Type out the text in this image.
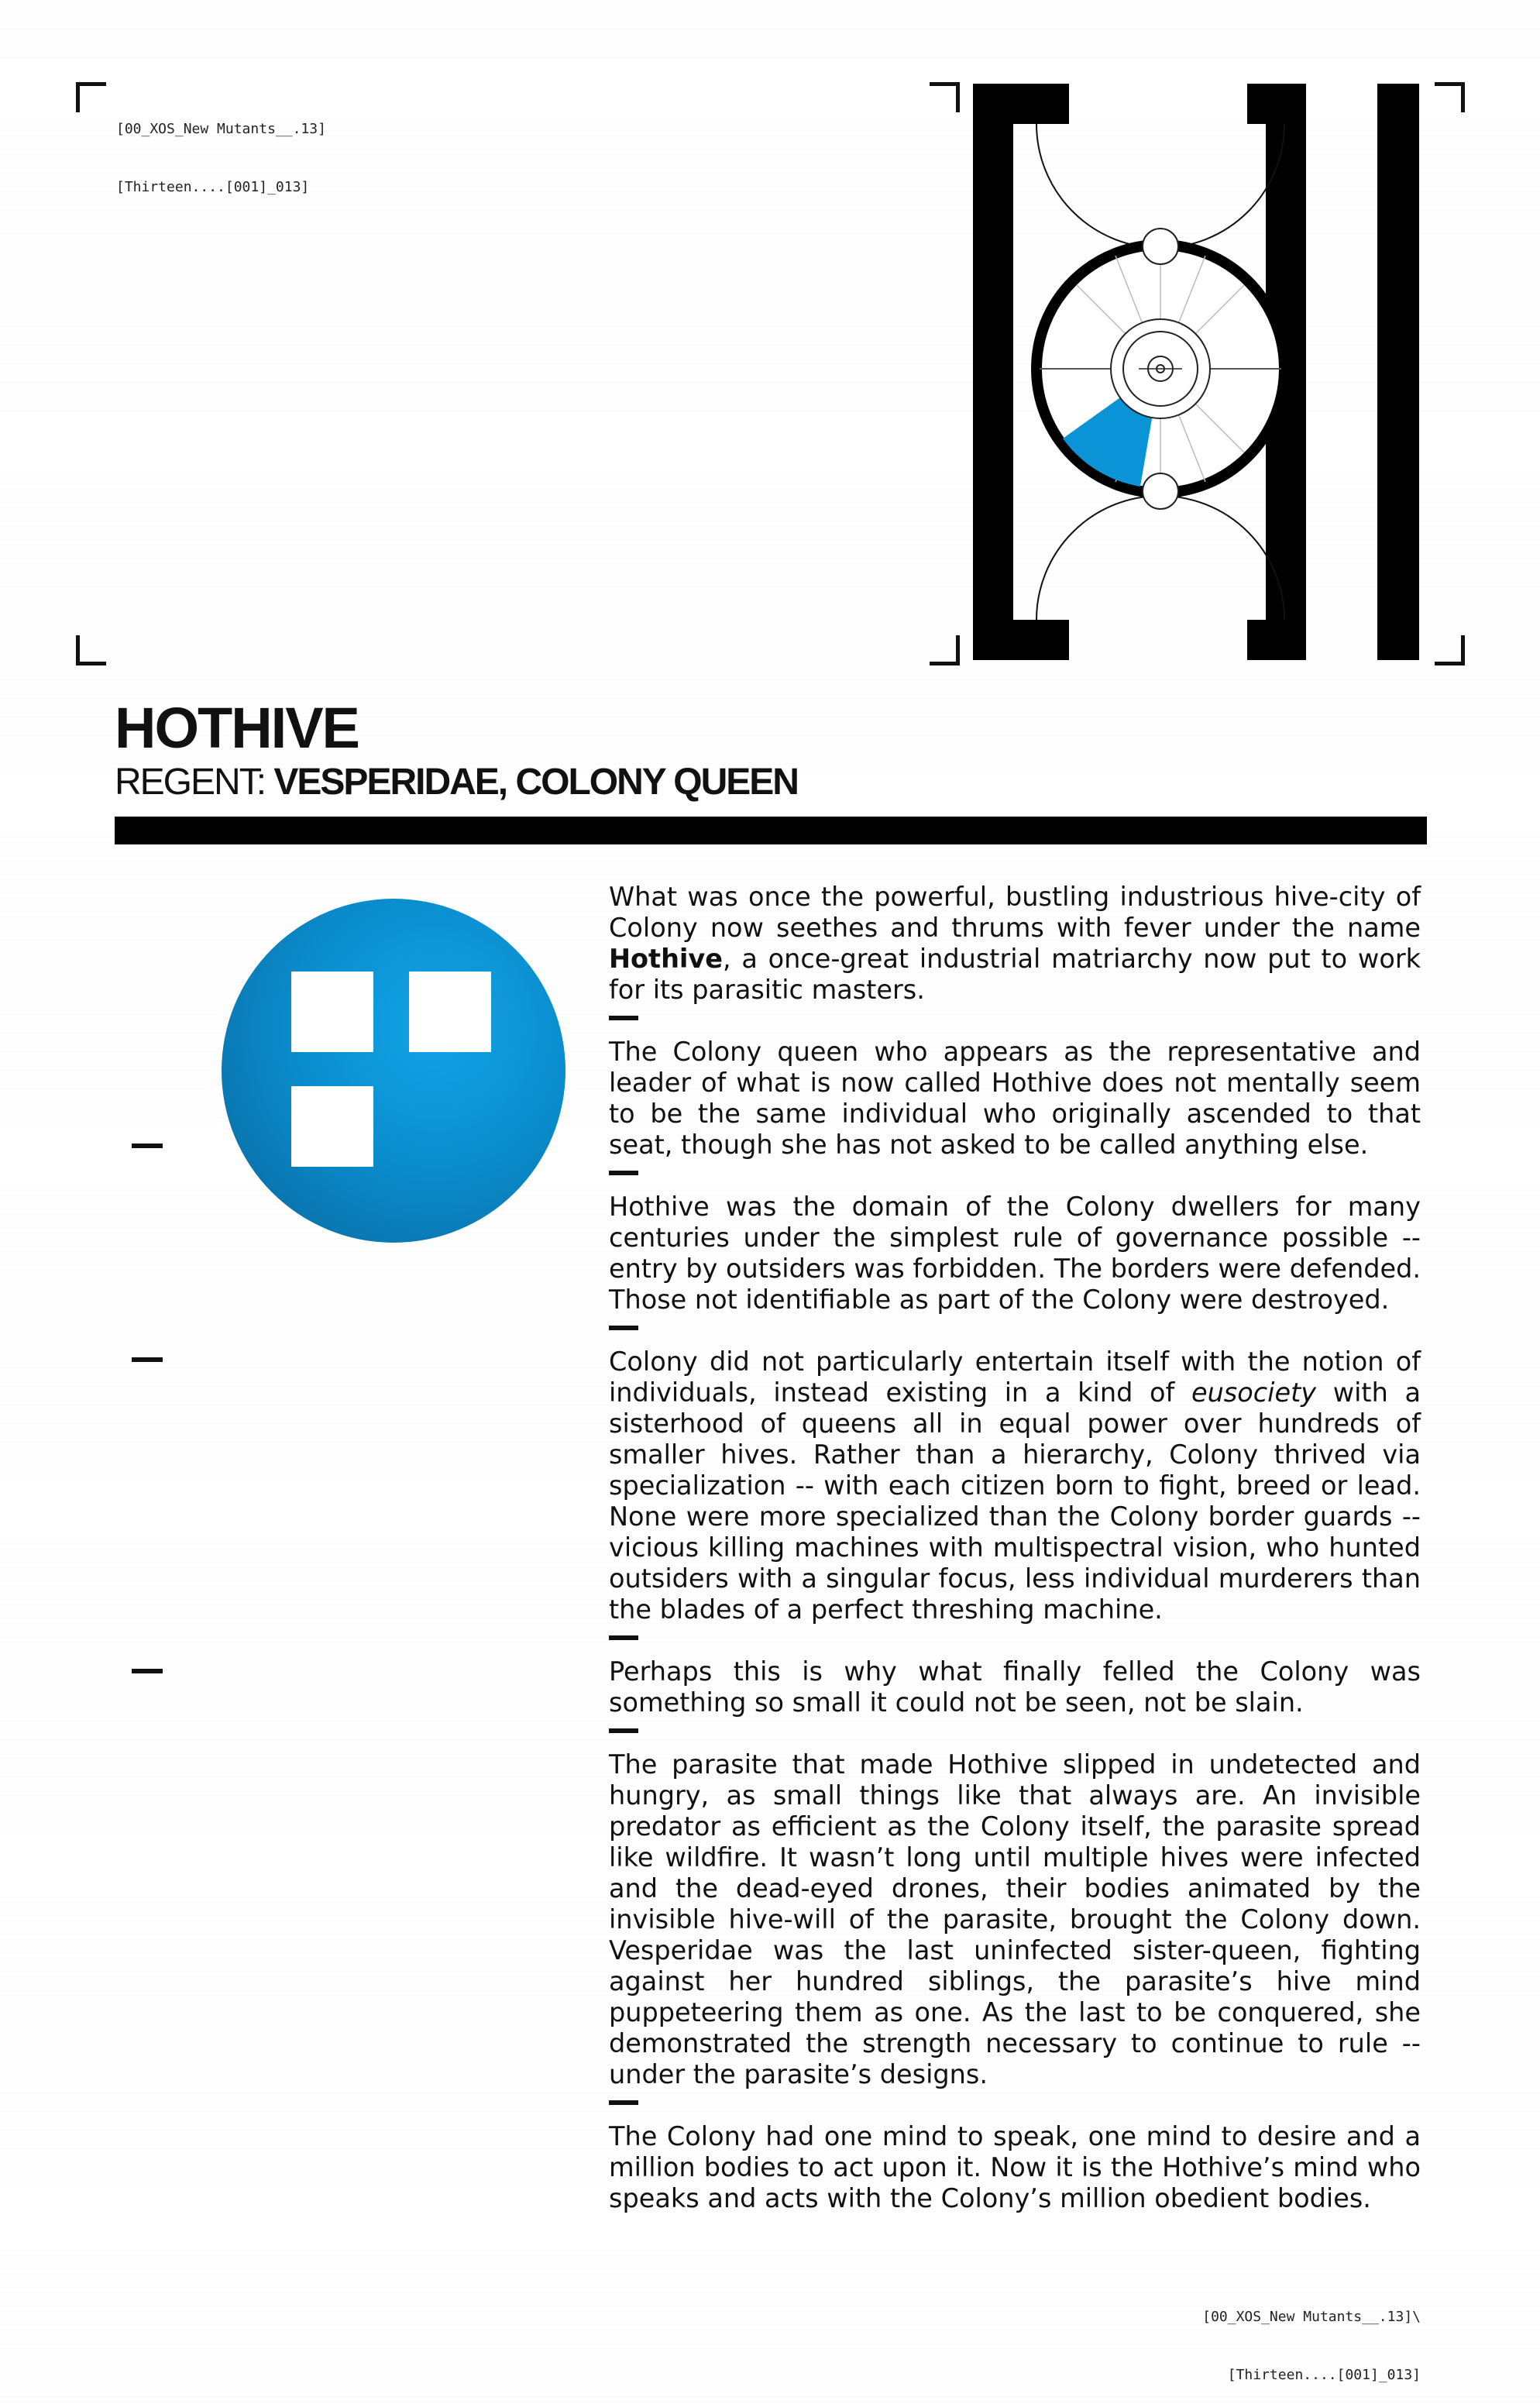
[00_XOS_New Mutants__.13]

[Thirteen....[001]_013]

HOTHIVE
REGENT: VESPERIDAE, COLONY QUEEN

What was once the powerful, bustling industrious hive-city of Colony now seethes and thrums with fever under the name Hothive, a once-great industrial matriarchy now put to work for its parasitic masters.

The Colony queen who appears as the representative and leader of what is now called Hothive does not mentally seem to be the same individual who originally ascended to that seat, though she has not asked to be called anything else.

Hothive was the domain of the Colony dwellers for many centuries under the simplest rule of governance possible -- entry by outsiders was forbidden. The borders were defended. Those not identifiable as part of the Colony were destroyed.

Colony did not particularly entertain itself with the notion of individuals, instead existing in a kind of eusociety with a sisterhood of queens all in equal power over hundreds of smaller hives. Rather than a hierarchy, Colony thrived via specialization -- with each citizen born to fight, breed or lead. None were more specialized than the Colony border guards -- vicious killing machines with multispectral vision, who hunted outsiders with a singular focus, less individual murderers than the blades of a perfect threshing machine.

Perhaps this is why what finally felled the Colony was something so small it could not be seen, not be slain.

The parasite that made Hothive slipped in undetected and hungry, as small things like that always are. An invisible predator as efficient as the Colony itself, the parasite spread like wildfire. It wasn’t long until multiple hives were infected and the dead-eyed drones, their bodies animated by the invisible hive-will of the parasite, brought the Colony down. Vesperidae was the last uninfected sister-queen, fighting against her hundred siblings, the parasite’s hive mind puppeteering them as one. As the last to be conquered, she demonstrated the strength necessary to continue to rule -- under the parasite’s designs.

The Colony had one mind to speak, one mind to desire and a million bodies to act upon it. Now it is the Hothive’s mind who speaks and acts with the Colony’s million obedient bodies.

[00_XOS_New Mutants__.13]\

[Thirteen....[001]_013]
